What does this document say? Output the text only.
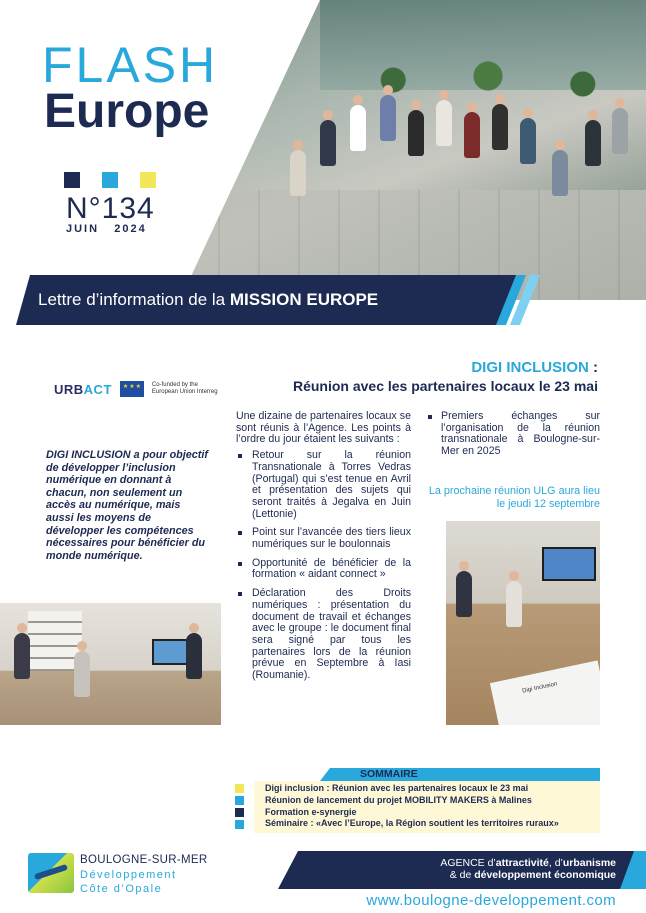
FLASH
Europe
N°134
JUIN   2024
Lettre d’information de la MISSION EUROPE
URBACT
★★★	Co-funded by the European Union Interreg
DIGI INCLUSION a pour objectif de développer l’inclusion numérique en donnant à chacun, non seulement un accès au numérique, mais aussi les moyens de développer les compétences nécessaires pour bénéficier du monde numérique.
DIGI INCLUSION :
Réunion avec les partenaires locaux le 23 mai

Une dizaine de partenaires locaux se sont réunis à l’Agence. Les points à l’ordre du jour étaient les suivants :

Retour sur la réunion Transnationale à Torres Vedras (Portugal) qui s’est tenue en Avril et présentation des sujets qui seront traités à Jegalva en Juin (Lettonie)
Point sur l’avancée des tiers lieux numériques sur le boulonnais
Opportunité de bénéficier de la formation « aidant connect »
Déclaration des Droits numériques : présentation du document de travail et échanges avec le groupe : le document final sera signé par tous les partenaires lors de la réunion prévue en Septembre à Iasi (Roumanie).
Premiers échanges sur l’organisation de la réunion transnationale à Boulogne-sur-Mer en 2025
La prochaine réunion ULG aura lieu le jeudi 12 septembre
Digi Inclusion
SOMMAIRE
Digi inclusion : Réunion avec les partenaires locaux le 23 mai
Réunion de lancement du projet MOBILITY MAKERS à Malines
Formation e-synergie
Séminaire : «Avec l’Europe, la Région soutient les territoires ruraux»
BOULOGNE-SUR-MER
Développement
Côte d’Opale
AGENCE d’attractivité, d’urbanisme
& de développement économique
www.boulogne-developpement.com
